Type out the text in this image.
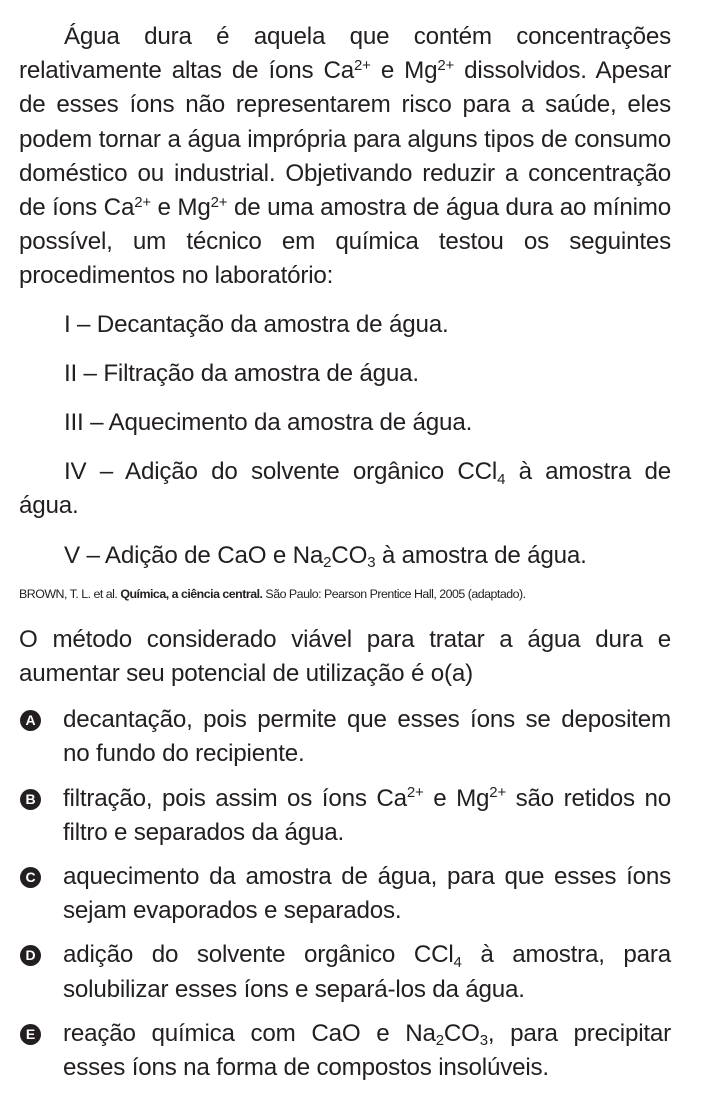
Água dura é aquela que contém concentrações relativamente altas de íons $Ca^{2+}$ e $Mg^{2+}$ dissolvidos. Apesar de esses íons não representarem risco para a saúde, eles podem tornar a água imprópria para alguns tipos de consumo doméstico ou industrial. Objetivando reduzir a concentração de íons $Ca^{2+}$ e $Mg^{2+}$ de uma amostra de água dura ao mínimo possível, um técnico em química testou os seguintes procedimentos no laboratório:

I – Decantação da amostra de água.

II – Filtração da amostra de água.

III – Aquecimento da amostra de água.

IV – Adição do solvente orgânico CCl$_4$ à amostra de água.

V – Adição de CaO e $Na_2CO_3$ à amostra de água.

BROWN, T. L. et al. Química, a ciência central. São Paulo: Pearson Prentice Hall, 2005 (adaptado).

O método considerado viável para tratar a água dura e aumentar seu potencial de utilização é o(a)

A decantação, pois permite que esses íons se depositem no fundo do recipiente.
B filtração, pois assim os íons $Ca^{2+}$ e $Mg^{2+}$ são retidos no filtro e separados da água.
C aquecimento da amostra de água, para que esses íons sejam evaporados e separados.
D adição do solvente orgânico CCl$_4$ à amostra, para solubilizar esses íons e separá-los da água.
E reação química com CaO e $Na_2CO_3$, para precipitar esses íons na forma de compostos insolúveis.
